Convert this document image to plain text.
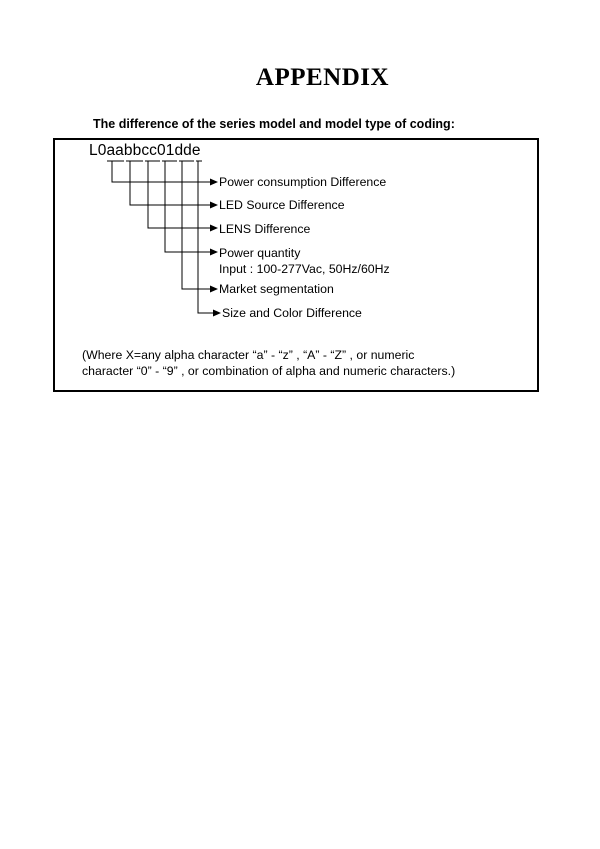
APPENDIX
The difference of the series model and model type of coding:
L0aabbcc01dde
Power consumption Difference
LED Source Difference
LENS Difference
Power quantity
Input : 100-277Vac, 50Hz/60Hz
Market segmentation
Size and Color Difference
(Where X=any alpha character “a” - “z” , “A” - “Z” , or numeric
character “0” - “9” , or combination of alpha and numeric characters.)
